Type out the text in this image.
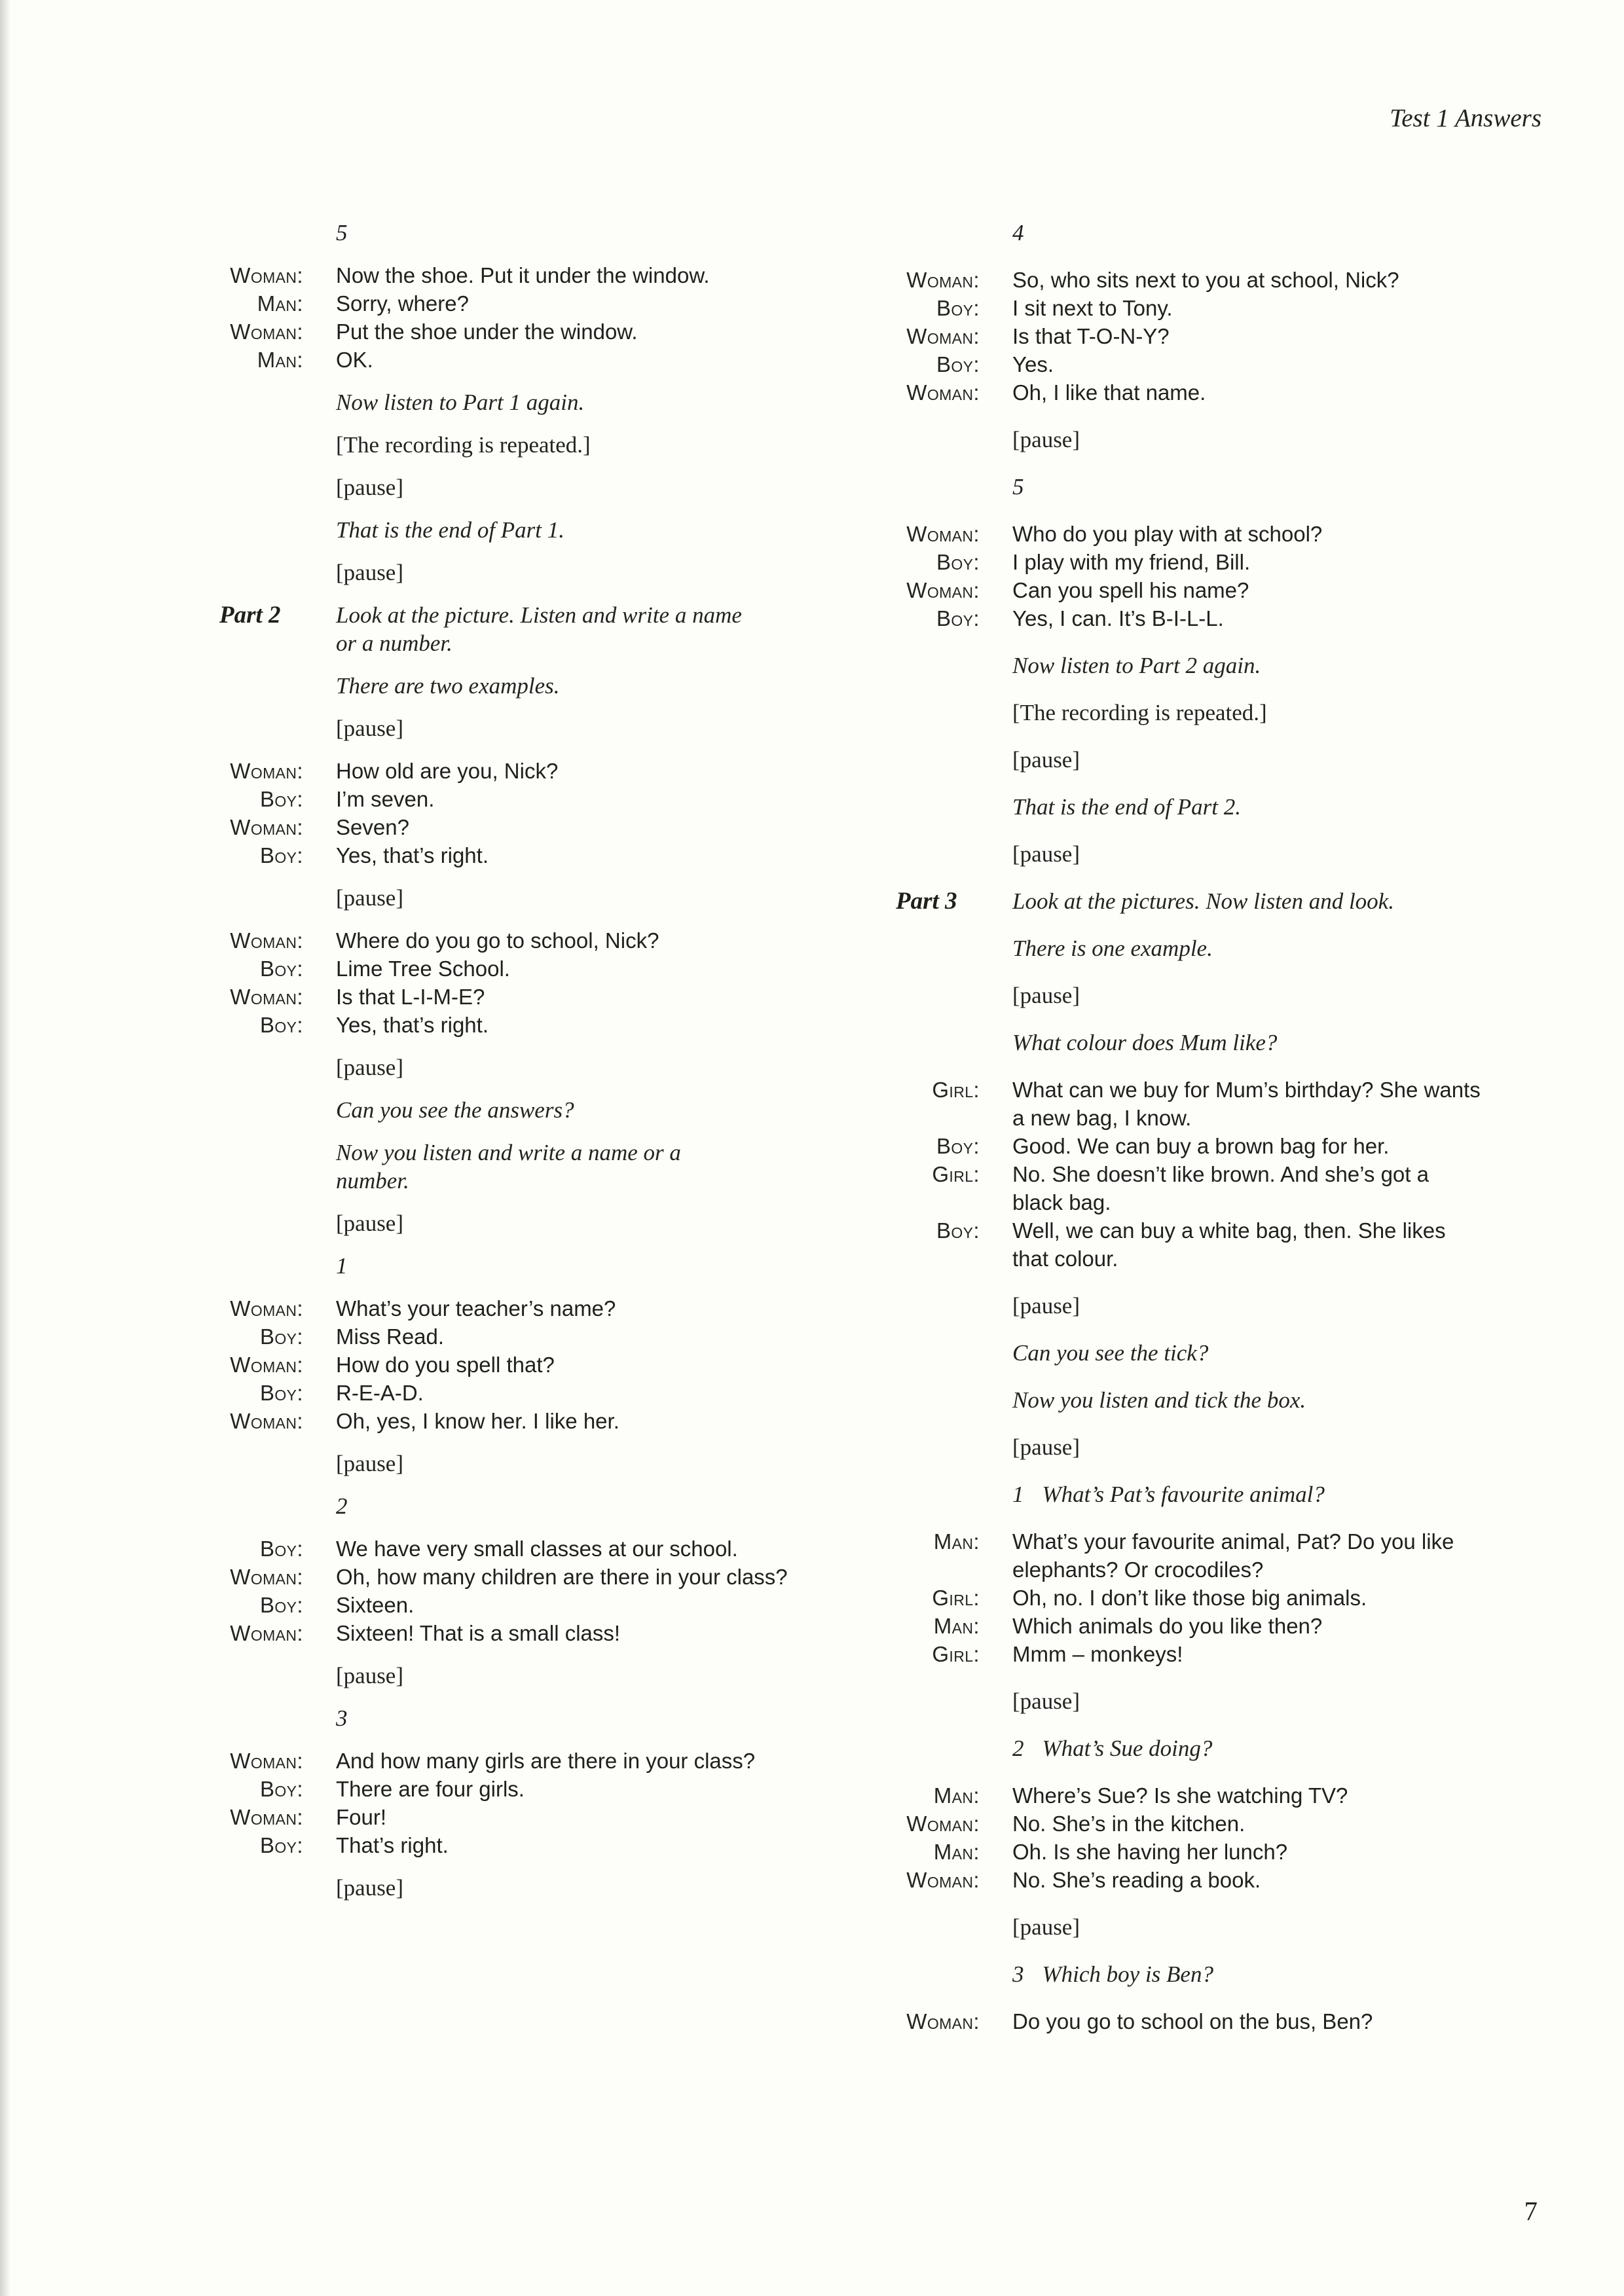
Test 1 Answers
5
Woman: Now the shoe. Put it under the window.
Man: Sorry, where?
Woman: Put the shoe under the window.
Man: OK.
Now listen to Part 1 again.
[The recording is repeated.]
[pause]
That is the end of Part 1.
[pause]
Part 2	Look at the picture. Listen and write a name or a number.
There are two examples.
[pause]
Woman: How old are you, Nick?
Boy: I’m seven.
Woman: Seven?
Boy: Yes, that’s right.
[pause]
Woman: Where do you go to school, Nick?
Boy: Lime Tree School.
Woman: Is that L-I-M-E?
Boy: Yes, that’s right.
[pause]
Can you see the answers?
Now you listen and write a name or a number.
[pause]
1
Woman: What’s your teacher’s name?
Boy: Miss Read.
Woman: How do you spell that?
Boy: R-E-A-D.
Woman: Oh, yes, I know her. I like her.
[pause]
2
Boy: We have very small classes at our school.
Woman: Oh, how many children are there in your class?
Boy: Sixteen.
Woman: Sixteen! That is a small class!
[pause]
3
Woman: And how many girls are there in your class?
Boy: There are four girls.
Woman: Four!
Boy: That’s right.
[pause]
4
Woman: So, who sits next to you at school, Nick?
Boy: I sit next to Tony.
Woman: Is that T-O-N-Y?
Boy: Yes.
Woman: Oh, I like that name.
[pause]
5
Woman: Who do you play with at school?
Boy: I play with my friend, Bill.
Woman: Can you spell his name?
Boy: Yes, I can. It’s B-I-L-L.
Now listen to Part 2 again.
[The recording is repeated.]
[pause]
That is the end of Part 2.
[pause]
Part 3	Look at the pictures. Now listen and look.
There is one example.
[pause]
What colour does Mum like?
Girl: What can we buy for Mum’s birthday? She wants a new bag, I know.
Boy: Good. We can buy a brown bag for her.
Girl: No. She doesn’t like brown. And she’s got a black bag.
Boy: Well, we can buy a white bag, then. She likes that colour.
[pause]
Can you see the tick?
Now you listen and tick the box.
[pause]
1 What’s Pat’s favourite animal?
Man: What’s your favourite animal, Pat? Do you like elephants? Or crocodiles?
Girl: Oh, no. I don’t like those big animals.
Man: Which animals do you like then?
Girl: Mmm – monkeys!
[pause]
2 What’s Sue doing?
Man: Where’s Sue? Is she watching TV?
Woman: No. She’s in the kitchen.
Man: Oh. Is she having her lunch?
Woman: No. She’s reading a book.
[pause]
3 Which boy is Ben?
Woman: Do you go to school on the bus, Ben?
7
